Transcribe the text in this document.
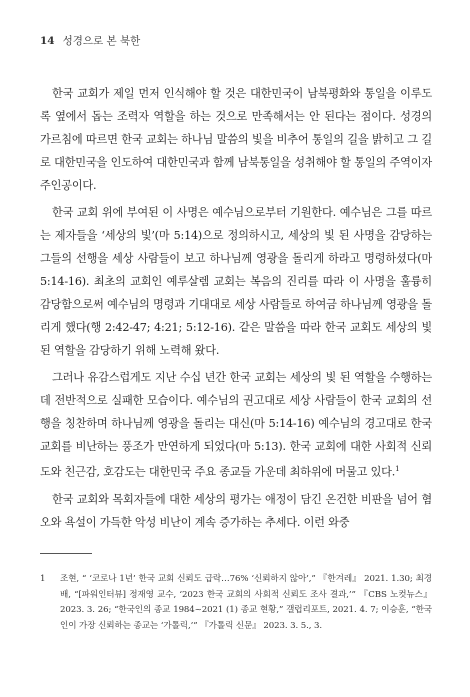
14 성경으로 본 북한

한국 교회가 제일 먼저 인식해야 할 것은 대한민국이 남북평화와 통일을 이루도록 옆에서 돕는 조력자 역할을 하는 것으로 만족해서는 안 된다는 점이다. 성경의 가르침에 따르면 한국 교회는 하나님 말씀의 빛을 비추어 통일의 길을 밝히고 그 길로 대한민국을 인도하여 대한민국과 함께 남북통일을 성취해야 할 통일의 주역이자 주인공이다.

한국 교회 위에 부여된 이 사명은 예수님으로부터 기원한다. 예수님은 그를 따르는 제자들을 ‘세상의 빛’(마 5:14)으로 정의하시고, 세상의 빛 된 사명을 감당하는 그들의 선행을 세상 사람들이 보고 하나님께 영광을 돌리게 하라고 명령하셨다(마 5:14-16). 최초의 교회인 예루살렘 교회는 복음의 진리를 따라 이 사명을 훌륭히 감당함으로써 예수님의 명령과 기대대로 세상 사람들로 하여금 하나님께 영광을 돌리게 했다(행 2:42-47; 4:21; 5:12-16). 같은 말씀을 따라 한국 교회도 세상의 빛된 역할을 감당하기 위해 노력해 왔다.

그러나 유감스럽게도 지난 수십 년간 한국 교회는 세상의 빛 된 역할을 수행하는 데 전반적으로 실패한 모습이다. 예수님의 권고대로 세상 사람들이 한국 교회의 선행을 칭찬하며 하나님께 영광을 돌리는 대신(마 5:14-16) 예수님의 경고대로 한국 교회를 비난하는 풍조가 만연하게 되었다(마 5:13). 한국 교회에 대한 사회적 신뢰도와 친근감, 호감도는 대한민국 주요 종교들 가운데 최하위에 머물고 있다.$^1$

한국 교회와 목회자들에 대한 세상의 평가는 애정이 담긴 온건한 비판을 넘어 혐오와 욕설이 가득한 악성 비난이 계속 증가하는 추세다. 이런 와중

1	조현, “ ‘코로나 1년’ 한국 교회 신뢰도 급락…76% ‘신뢰하지 않아’,” 『한겨레』 2021. 1.30; 최경배, “[파워인터뷰] 정재영 교수, ‘2023 한국 교회의 사회적 신뢰도 조사 결과,’” 『CBS 노컷뉴스』 2023. 3. 26; “한국인의 종교 1984~2021 (1) 종교 현황,” 갤럽리포트, 2021. 4. 7; 이승훈, “한국인이 가장 신뢰하는 종교는 ‘가톨릭,’” 『가톨릭 신문』 2023. 3. 5., 3.
